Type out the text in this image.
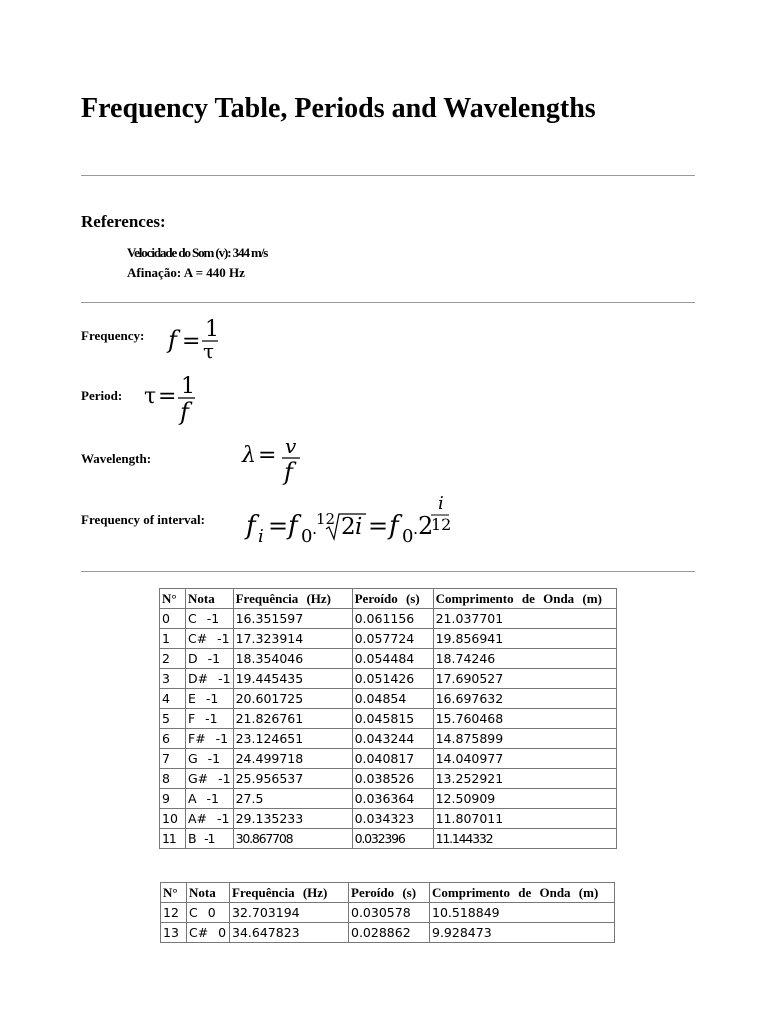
Frequency Table, Periods and Wavelengths
References:
Velocidade do Som (v): 344 m/s
Afinação: A = 440 Hz
Frequency: f = 1
τ
Period: τ = 1
f
Wavelength:	λ = v
f
Frequency of interval: f i = f 0 .
12 2 i = f 0 . 2
i
12
N°	Nota	Frequência (Hz)	Peroído (s)	Comprimento de Onda (m)
0	C -1	16.351597	0.061156	21.037701
1	C# -1	17.323914	0.057724	19.856941
2	D -1	18.354046	0.054484	18.74246
3	D# -1	19.445435	0.051426	17.690527
4	E -1	20.601725	0.04854	16.697632
5	F -1	21.826761	0.045815	15.760468
6	F# -1	23.124651	0.043244	14.875899
7	G -1	24.499718	0.040817	14.040977
8	G# -1	25.956537	0.038526	13.252921
9	A -1	27.5	0.036364	12.50909
10	A# -1	29.135233	0.034323	11.807011
11	B -1	30.867708	0.032396	11.144332
N°	Nota	Frequência (Hz)	Peroído (s)	Comprimento de Onda (m)
12	C 0	32.703194	0.030578	10.518849
13	C# 0	34.647823	0.028862	9.928473
